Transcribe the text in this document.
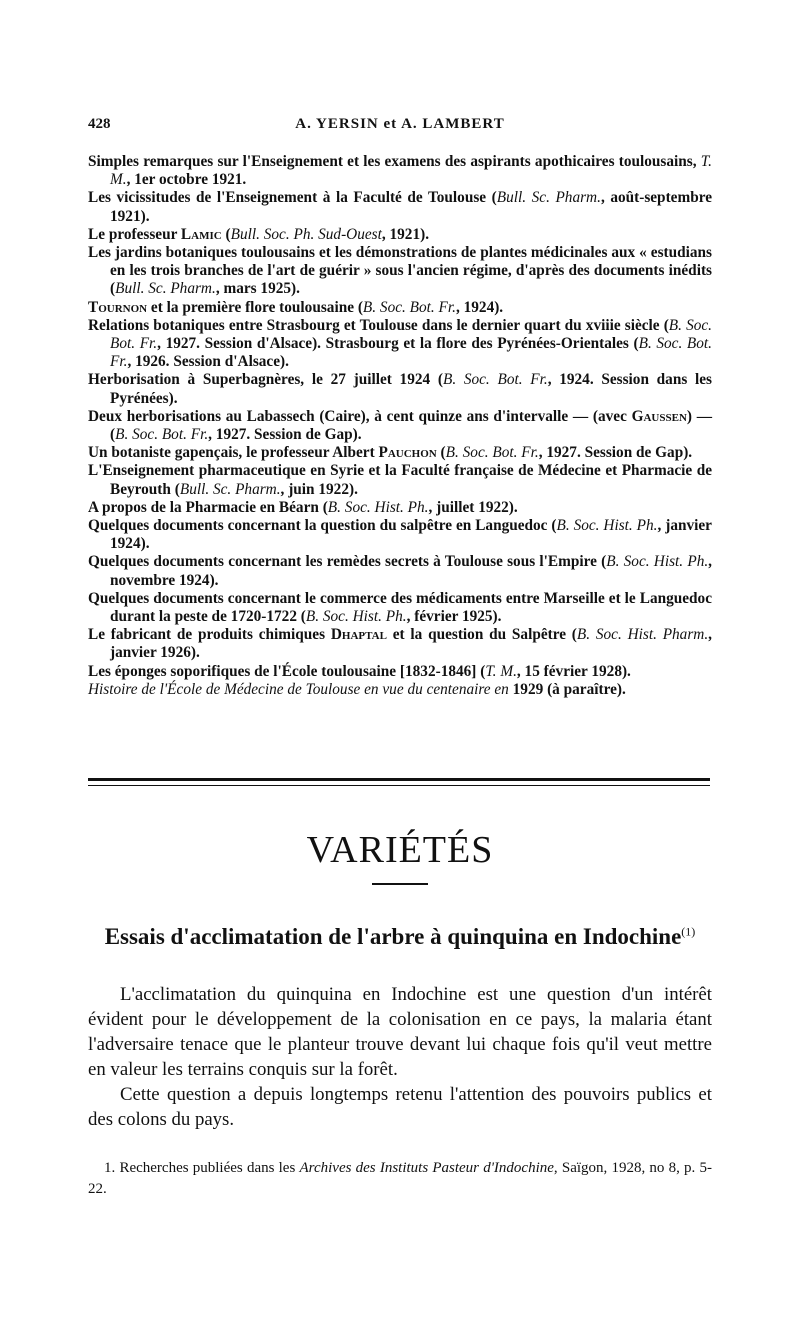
428	A. YERSIN et A. LAMBERT

Simples remarques sur l'Enseignement et les examens des aspirants apothicaires toulousains, T. M., 1er octobre 1921.

Les vicissitudes de l'Enseignement à la Faculté de Toulouse (Bull. Sc. Pharm., août-septembre 1921).

Le professeur Lamic (Bull. Soc. Ph. Sud-Ouest, 1921).

Les jardins botaniques toulousains et les démonstrations de plantes médicinales aux « estudians en les trois branches de l'art de guérir » sous l'ancien régime, d'après des documents inédits (Bull. Sc. Pharm., mars 1925).

Tournon et la première flore toulousaine (B. Soc. Bot. Fr., 1924).

Relations botaniques entre Strasbourg et Toulouse dans le dernier quart du xviiie siècle (B. Soc. Bot. Fr., 1927. Session d'Alsace). Strasbourg et la flore des Pyrénées-Orientales (B. Soc. Bot. Fr., 1926. Session d'Alsace).

Herborisation à Superbagnères, le 27 juillet 1924 (B. Soc. Bot. Fr., 1924. Session dans les Pyrénées).

Deux herborisations au Labassech (Caire), à cent quinze ans d'intervalle — (avec Gaussen) — (B. Soc. Bot. Fr., 1927. Session de Gap).

Un botaniste gapençais, le professeur Albert Pauchon (B. Soc. Bot. Fr., 1927. Session de Gap).

L'Enseignement pharmaceutique en Syrie et la Faculté française de Médecine et Pharmacie de Beyrouth (Bull. Sc. Pharm., juin 1922).

A propos de la Pharmacie en Béarn (B. Soc. Hist. Ph., juillet 1922).

Quelques documents concernant la question du salpêtre en Languedoc (B. Soc. Hist. Ph., janvier 1924).

Quelques documents concernant les remèdes secrets à Toulouse sous l'Empire (B. Soc. Hist. Ph., novembre 1924).

Quelques documents concernant le commerce des médicaments entre Marseille et le Languedoc durant la peste de 1720-1722 (B. Soc. Hist. Ph., février 1925).

Le fabricant de produits chimiques Dhaptal et la question du Salpêtre (B. Soc. Hist. Pharm., janvier 1926).

Les éponges soporifiques de l'École toulousaine [1832-1846] (T. M., 15 février 1928).

Histoire de l'École de Médecine de Toulouse en vue du centenaire en 1929 (à paraître).

VARIÉTÉS
Essais d'acclimatation de l'arbre à quinquina en Indochine$^{(1)}$

L'acclimatation du quinquina en Indochine est une question d'un intérêt évident pour le développement de la colonisation en ce pays, la malaria étant l'adversaire tenace que le planteur trouve devant lui chaque fois qu'il veut mettre en valeur les terrains conquis sur la forêt.

Cette question a depuis longtemps retenu l'attention des pouvoirs publics et des colons du pays.

1. Recherches publiées dans les Archives des Instituts Pasteur d'Indochine, Saïgon, 1928, no 8, p. 5-22.
